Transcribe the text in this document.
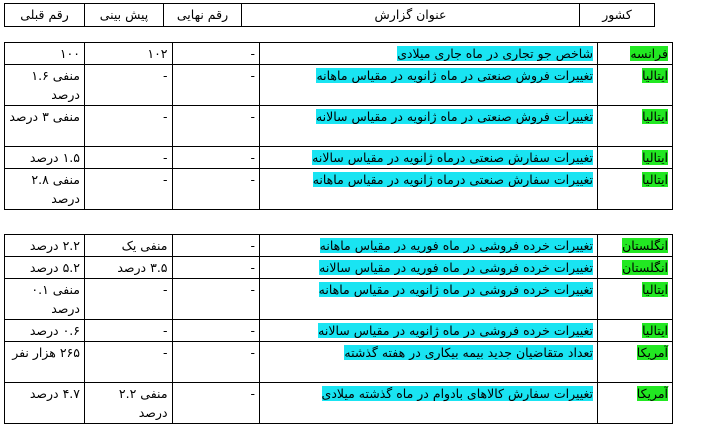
کشور	عنوان گزارش	رقم نهایی	پیش بینی	رقم قبلی
فرانسه	شاخص جو تجاری در ماه جاری میلادی	-	۱۰۲	۱۰۰
ایتالیا	تغییرات فروش صنعتی در ماه ژانویه در مقیاس ماهانه	-	-	منفی ۱.۶ درصد
ایتالیا	تغییرات فروش صنعتی در ماه ژانویه در مقیاس سالانه	-	-	منفی ۳ درصد
ایتالیا	تغییرات سفارش صنعتی درماه ژانویه در مقیاس سالانه	-	-	۱.۵ درصد
ایتالیا	تغییرات سفارش صنعتی درماه ژانویه در مقیاس ماهانه	-	-	منفی ۲.۸ درصد
انگلستان	تغییرات خرده فروشی در ماه فوریه در مقیاس ماهانه	-	منفی یک	۲.۲ درصد
انگلستان	تغییرات خرده فروشی در ماه فوریه در مقیاس سالانه	-	۳.۵ درصد	۵.۲ درصد
ایتالیا	تغییرات خرده فروشی در ماه ژانویه در مقیاس ماهانه	-	-	منفی ۰.۱ درصد
ایتالیا	تغییرات خرده فروشی در ماه ژانویه در مقیاس سالانه	-	-	۰.۶ درصد
آمریکا	تعداد متقاضیان جدید بیمه بیکاری در هفته گذشته	-	-	۲۶۵ هزار نفر
آمریکا	تغییرات سفارش کالاهای بادوام در ماه گذشته میلادی	-	منفی ۲.۲ درصد	۴.۷ درصد
